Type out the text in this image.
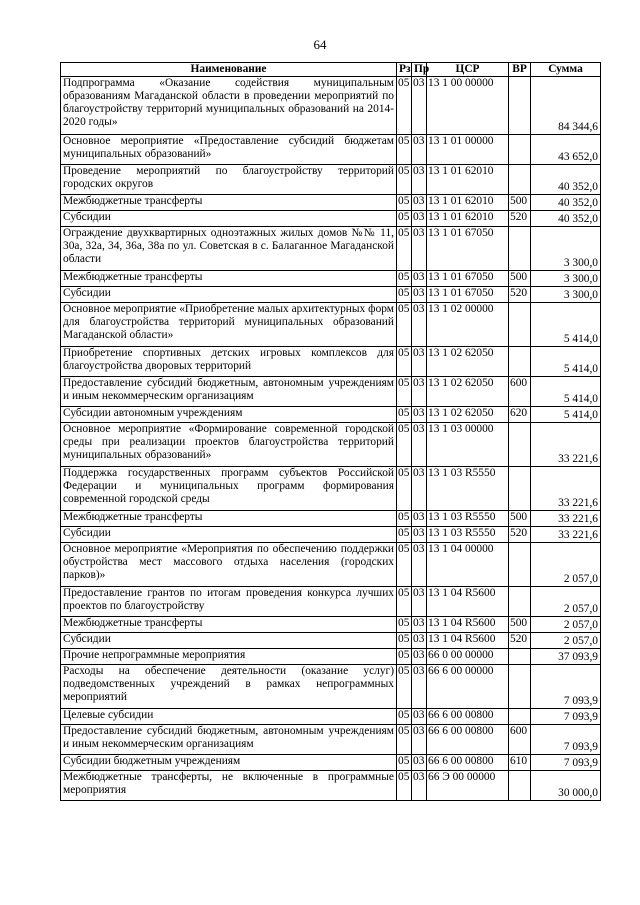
64
Наименование	Рз	Пр	ЦСР	ВР	Сумма
Подпрограмма «Оказание содействия муниципальным образованиям Магаданской области в проведении мероприятий по благоустройству территорий муниципальных образований на 2014-2020 годы»	05	03	13 1 00 00000		84 344,6
Основное мероприятие «Предоставление субсидий бюджетам муниципальных образований»	05	03	13 1 01 00000		43 652,0
Проведение мероприятий по благоустройству территорий городских округов	05	03	13 1 01 62010		40 352,0
Межбюджетные трансферты	05	03	13 1 01 62010	500	40 352,0
Субсидии	05	03	13 1 01 62010	520	40 352,0
Ограждение двухквартирных одноэтажных жилых домов №№ 11, 30а, 32а, 34, 36а, 38а по ул. Советская в с. Балаганное Магаданской области	05	03	13 1 01 67050		3 300,0
Межбюджетные трансферты	05	03	13 1 01 67050	500	3 300,0
Субсидии	05	03	13 1 01 67050	520	3 300,0
Основное мероприятие «Приобретение малых архитектурных форм для благоустройства территорий муниципальных образований Магаданской области»	05	03	13 1 02 00000		5 414,0
Приобретение спортивных детских игровых комплексов для благоустройства дворовых территорий	05	03	13 1 02 62050		5 414,0
Предоставление субсидий бюджетным, автономным учреждениям и иным некоммерческим организациям	05	03	13 1 02 62050	600	5 414,0
Субсидии автономным учреждениям	05	03	13 1 02 62050	620	5 414,0
Основное мероприятие «Формирование современной городской среды при реализации проектов благоустройства территорий муниципальных образований»	05	03	13 1 03 00000		33 221,6
Поддержка государственных программ субъектов Российской Федерации и муниципальных программ формирования современной городской среды	05	03	13 1 03 R5550		33 221,6
Межбюджетные трансферты	05	03	13 1 03 R5550	500	33 221,6
Субсидии	05	03	13 1 03 R5550	520	33 221,6
Основное мероприятие «Мероприятия по обеспечению поддержки обустройства мест массового отдыха населения (городских парков)»	05	03	13 1 04 00000		2 057,0
Предоставление грантов по итогам проведения конкурса лучших проектов по благоустройству	05	03	13 1 04 R5600		2 057,0
Межбюджетные трансферты	05	03	13 1 04 R5600	500	2 057,0
Субсидии	05	03	13 1 04 R5600	520	2 057,0
Прочие непрограммные мероприятия	05	03	66 0 00 00000		37 093,9
Расходы на обеспечение деятельности (оказание услуг) подведомственных учреждений в рамках непрограммных мероприятий	05	03	66 6 00 00000		7 093,9
Целевые субсидии	05	03	66 6 00 00800		7 093,9
Предоставление субсидий бюджетным, автономным учреждениям и иным некоммерческим организациям	05	03	66 6 00 00800	600	7 093,9
Субсидии бюджетным учреждениям	05	03	66 6 00 00800	610	7 093,9
Межбюджетные трансферты, не включенные в программные мероприятия	05	03	66 Э 00 00000		30 000,0
